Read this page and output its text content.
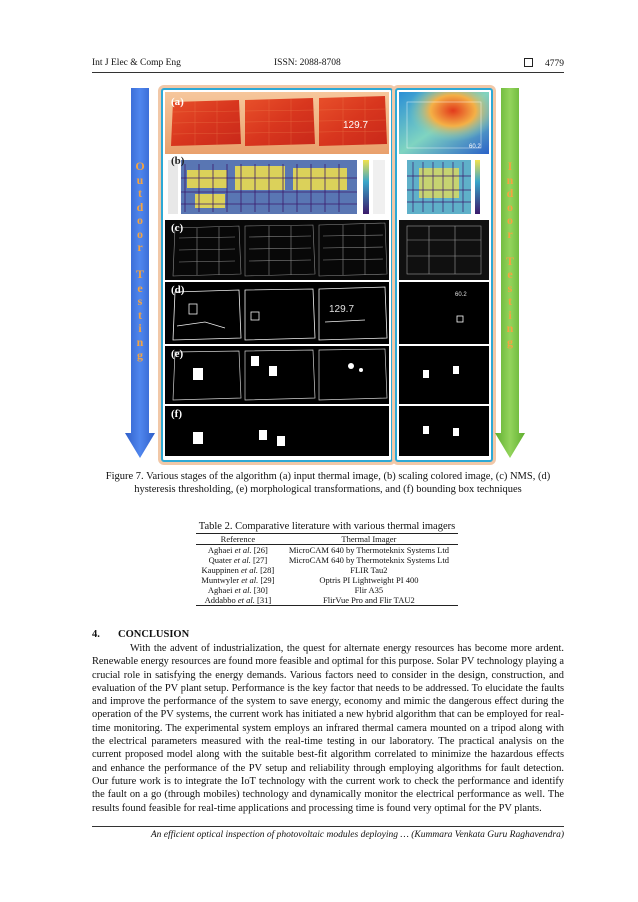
Int J Elec & Comp Eng	ISSN: 2088-8708	4779
O
u
t
d
o
o
r

T
e
s
t
i
n
g
129.7
(a)
(b)
(c)
129.7
(d)
(e)
(f)
60.2
60.2
I
n
d
o
o
r

T
e
s
t
i
n
g
Figure 7. Various stages of the algorithm (a) input thermal image, (b) scaling colored image, (c) NMS, (d) hysteresis thresholding, (e) morphological transformations, and (f) bounding box techniques
Table 2. Comparative literature with various thermal imagers
Reference	Thermal Imager
Aghaei et al. [26]	MicroCAM 640 by Thermoteknix Systems Ltd
Quater et al. [27]	MicroCAM 640 by Thermoteknix Systems Ltd
Kauppinen et al. [28]	FLIR Tau2
Muntwyler et al. [29]	Optris PI Lightweight PI 400
Aghaei et al. [30]	Flir A35
Addabbo et al. [31]	FlirVue Pro and Flir TAU2
4. CONCLUSION
With the advent of industrialization, the quest for alternate energy resources has become more ardent. Renewable energy resources are found more feasible and optimal for this purpose. Solar PV technology playing a crucial role in satisfying the energy demands. Various factors need to consider in the design, construction, and evaluation of the PV plant setup. Performance is the key factor that needs to be addressed. To elucidate the faults and improve the performance of the system to save energy, economy and mimic the dangerous effect during the operation of the PV systems, the current work has initiated a new hybrid algorithm that can be employed for real-time monitoring. The experimental system employs an infrared thermal camera mounted on a tripod along with the electrical parameters measured with the real-time testing in our laboratory. The practical analysis on the current proposed model along with the suitable best-fit algorithm correlated to minimize the hazardous effects and enhance the performance of the PV setup and reliability through employing algorithms for fault detection. Our future work is to integrate the IoT technology with the current work to check the performance and identify the fault on a go (through mobiles) technology and dynamically monitor the electrical performance as well. The results found feasible for real-time applications and processing time is found very optimal for the PV plants.
An efficient optical inspection of photovoltaic modules deploying … (Kummara Venkata Guru Raghavendra)
